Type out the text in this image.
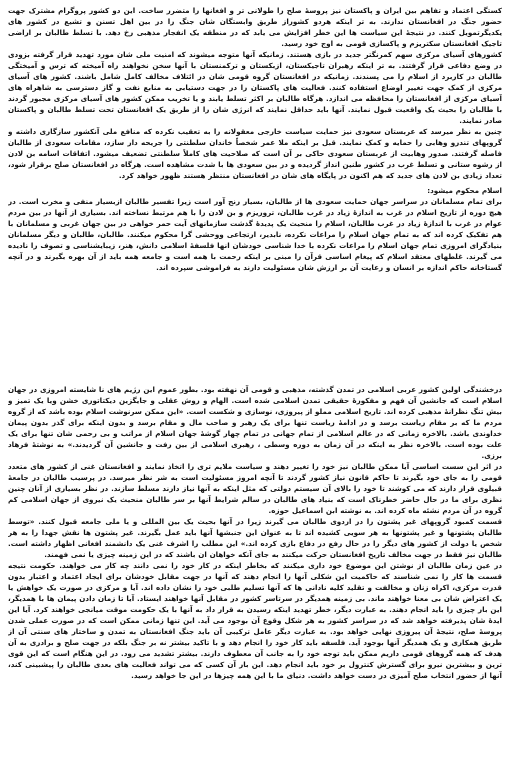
کستگی اعتماد و تفاهم بین ایران و پاکستان نیز پروسهٔ صلح را طولانی تر و افغانها را متضرر ساخت. این دو کشور پروگرام مشترک جهت حضور جنگ در افغانستان ندارند. به تر اینکه هردو کشوراز طریق وابستگان شان جنگ را در بین اهل تسنن و تشیع در کشور های یکدیگرتمویل کنند. در نتیجهٔ این سیاست ها این خطر افزایش می یابد که در منطقه یک انفجار مذهبی رخ دهد. با تسلط طالبان بر اراضی تاجیک افغانستان سکتریزم و پاکسازی قومی به اوج خود رسید.

کشورهای آسیای مرکزی سهم کمرنگتر جدید در بازی هستند. زمانیکه آنها متوجه میشوند که امنیت ملی شان مورد تهدید قرار گرفته بزودی در وضع دفاعی قرار گرفتند. به تر اینکه رهبران تاجیکستان، ازبکستان و ترکمنستان با آنها سخن نخواهند راه آمیخته که ترس و آمیختگی طالبان در کاربرد از اسلام را می پسندند. زمانیکه در افغانستان گروه قومی شان در ائتلاف مخالف کامل شامل باشند. کشور های آسیای مرکزی از کمک جهت تغییر اوضاع استفاده کنند. فعالیت های پاکستان را در جهت دستیابی به منابع نفت و گاز دسترسی به شاهراه های آسیای مرکزی از افغانستان را محافظه می اندازد. هرگاه طالبان بر اکثر تسلط یابند و یا تخریب ممکن کشور های آسیای مرکزی مجبور گردند با طالبان را بحیث یک واقعیت قبول نمایند. آنها باید حداقل نمایند که انرژی شان را از طریق یک افغانستان تحت تسلط طالبان و پاکستان صادر نمایند.

چنین به نظر میرسد که عربستان سعودی نیز حمایت سیاست خارجی معقولانه را به تعقیب نکرده که منافع ملی آنکشور سازگاری داشته و گروپهای تندرو وهابی را حمایه و کمک نمایند. قبل بر اینکه ملا عمر شخصاً خاندان سلطنتی را جریحه دار سازد، مقامات سعودی از طالبان فاصله گرفتند. صدور وهابیت از عربستان سعودی حاکی بر آن است که صلاحیت های کاملاً سلطنتی تضعیف میشود. اتفاقات اسامه بن لادن از رشوه ستانی و تسلط غرب در کشور طنین انداز گردیده و در بین سعودی ها با شدت مشاهده است. هرگاه در افغانستان صلح برقرار شود، تعداد زیادی بن لادن های جدید که هم اکنون در پایگاه های شان در افغانستان منتظر هستند ظهور خواهد کرد.

اسلام محکوم میشود:

برای تمام مسلمانان در سراسر جهان حمایت سعودی ها از طالبان، بسیار رنج آور است زیرا تفسیر طالبان ازبسیار منفی و مخرب است. در هیچ دوره از تاریخ اسلام در غرب به اندازهٔ زیاد در غرب طالبان، تروریزم و بن لادن را با هم مرتبط نساخته اند. بسیاری از آنها در بین مردم عوام در غرب با اندازهٔ زیاد در غرب طالبان، اسلام را منحیث یک پدیدهٔ گذشت سازمانهای آیت حمر خواهی در بین جهان غربی و مسلمانان با هم تفکیک کرده اند که به تمام جهان اسلام را مراعات نکرده، نابدیر، ارتجاعی ووحشی گرا محکوم میکنند. طالبان، طالبان و دیگر مسلمانان بنیادگرای امروزی تمام جهان اسلام را مراعات نکرده با خدا شناسی خودشان انها فلسفهٔ اسلامی دانش، هنر، زیبایشناسی و تصوف را نادیده می گیرند. غلطهای معتقد اسلام که پیغام اساسی قرآن را مبنی بر اینکه رحمت با همه است و جامعه همه باید از آن بهره بگیرند و در آنچه گستاخانه حاکم اندازه بر انسان و رعایت آن بر ارزش شان مسئولیت دارند به فراموشی سپرده اند.

درخشندگی اولین کشور عربی اسلامی در تمدن گذشته، مذهبی و قومی آن نهفته بود. بطور عموم این رژیم های نا شایسته امروزی در جهان اسلام است که جانشین آن فهم و مفکورهٔ حقیقی تمدن اسلامی شده است. الهام و روش عقلی و جایگزین دیکتاتوری خشن ویا یک تمیز و بیش تنگ نظرانهٔ مذهبی کرده اند. تاریخ اسلامی مملو از پیروزی، نوسازی و شکست است. «این ممکن سرنوشت اسلام بوده باشد که از گروه مردم ما که بر مقام ریاست برسد و در ادامهٔ ریاست تنها برای یک رهبر و صاحب مال و مقام برسد و بدون اینکه برای گذر بدون پیمان خداوندی باشد. بالاخره زمانی که در عالم اسلامی از تمام جهانی در تمام چهار گوشهٔ جهان اسلام از مراتب و بی رحمی شان تنها برای یک علت بوده است. بالاخره نظر به اینکه در آن زمان به دوره وسطی ، رهبری اسلامی از بین رفت و جانشین آن گردیدند.» به نوشتهٔ فرهاد برزی.

در اثر این سست اساسی آیا ممکن طالبان نیز خود را تغییر دهند و سیاست ملایم تری را اتخاذ نمایند و افغانستان غنی از کشور های متعدد قومی را به جای خود بگیرند تا حاکم قانون نیاز کشور گردند تا آنچه امروز مسئولیت است به شر نظر میرسد. در پرسیب طالبان در جامعهٔ قبیلوی قرار دارند که می کوشند تا خود را بالای آن سیستم دولتی که مثل اینکه به آنها نیاز دارند مسلط سازند. در نظر بسیاری از آنان چنین نظری برای ما در حال حاضر خطرناک است که بنیاد های طالبان در سالم شرایط آنها بر سر طالبان منحیث یک نیروی از جهان اسلامی کم گروه در آن مردم نشئه ماه کرده اند. به نوشته ابن اسماعیل حوزه.

قسمت کمبود گروپهای غیر پشتون را در اردوی طالبان می گیرند زیرا در آنها بحیث یک بین المللی و یا ملی جامعه قبول کنند. «توسط طالبان پشتونها و غیر پشتونها به هر سویی کشیده اند تا به عنوان این جنبشها آنها باید عمل بگیرند. غیر پشتون ها نقش جهدا را به هر شخص یا دولت از کشور های دیگر را در حال رفع در دفاع بازی کرده اند.» این مطلب را اشرف غنی یک دانشمند افغانی اظهار داشته است. طالبان نیز فقط در جهت مخالف تاریخ افغانستان حرکت میکنند به جای آنکه خواهان ان باشند که در این زمینه چیزی یا نمی فهمند.

در عین زمان طالبان از نوشتن این موضوع خود داری میکنند که بخاطر اینکه در کار خود را نمی دانند چه کار می خواهند. حکومت نتیجه قسمت ها کار را نمی شناسند که حاکمیت این شکلی آنها را انجام دهند که آنها در جهت مقابل خودشان برای ایجاد اعتماد و اعتبار بدون قدرت مرکزی، اکراه زنان و مخالفت و تقلید کلیه نادانی ها که آنها تسلیم طلبی خود را نشان داده اند. آیا و مرکزی در صورت یک خواهش یا یک اعتراض شان بی معنا خواهند ماند. بی زمینه همدیگر در سرتاسر کشور در مقابل آنها خواهند ایستاد. آیا تا زمان دادن پیمان ها با همدیگر، این بار چیزی را باید انجام دهند. به عبارت دیگر، خطر تهدید اینکه رسیدن به قرار داد به آنها با یک حکومت موقت میانجی خواهند کرد. آیا این ایدهٔ شان پذیرفته خواهد شد که در سراسر کشور به هر شکل وقوع آن بوجود می آید. این تنها زمانی ممکن است که در صورت عملی شدن پروسهٔ صلح، نتیجهٔ آن پیروزی نهایی خواهد بود. به عبارت دیگر عامل ترکیبی آن باید جنگ افغانستان به تمدن و ساختار های سنتی آن از طریق همکاری و یک همدیگر آنها بوجود آید. فلسفه باید کار خود را انجام دهد و با تاکید بیشتر نه بر جنگ بلکه در جهت صلح و برادری به آن هدف که همه گروهای قومی داریم ممکن باید توجه خود را به جانب آن معطوف دارند. بیشتر تشدید می رود. در این هنگام است که این قوی ترین و بیشترین نیرو برای گسترش کنترول بر خود باید انجام دهد. این بار آن کسی که می تواند فعالیت های بعدی طالبان را پیشبینی کند، آنها از حضور انتخاب صلح آمیزی در دست خواهد داشت. دنیای ما با این همه چیزها در این جا خواهد رسید.
